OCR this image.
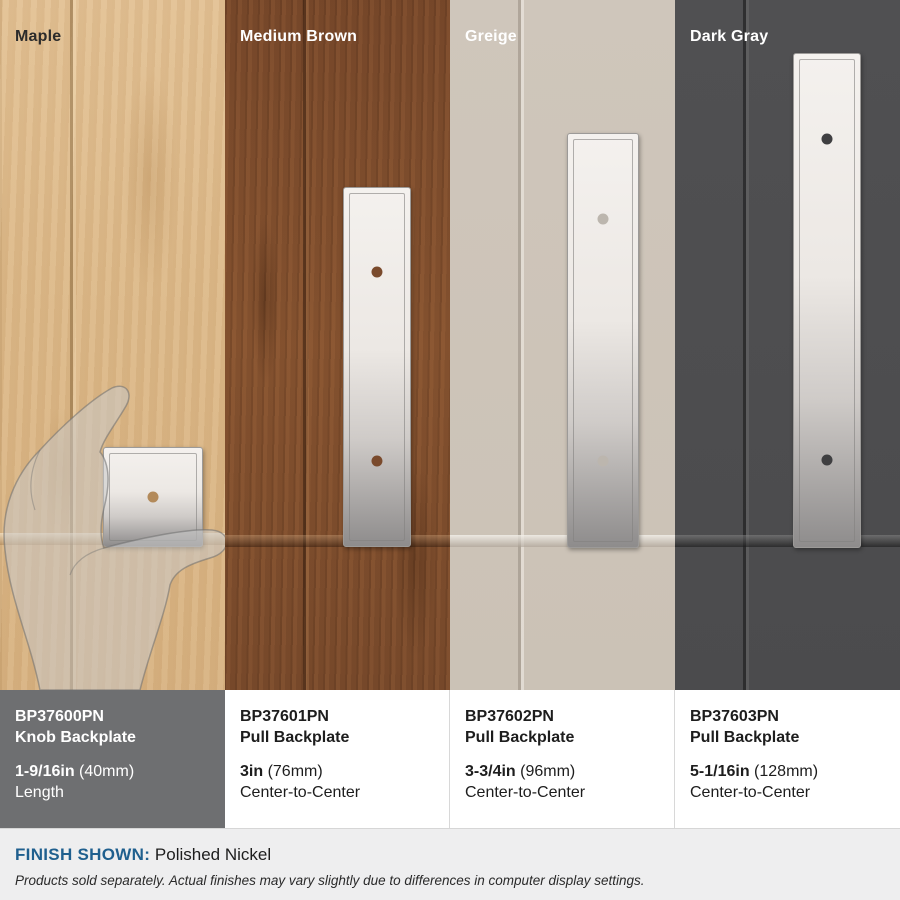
Maple	Medium Brown	Greige	Dark Gray
BP37600PN
Knob Backplate
1-9/16in (40mm)
Length
BP37601PN
Pull Backplate
3in (76mm)
Center-to-Center
BP37602PN
Pull Backplate
3-3/4in (96mm)
Center-to-Center
BP37603PN
Pull Backplate
5-1/16in (128mm)
Center-to-Center
FINISH SHOWN: Polished Nickel
Products sold separately. Actual finishes may vary slightly due to differences in computer display settings.
